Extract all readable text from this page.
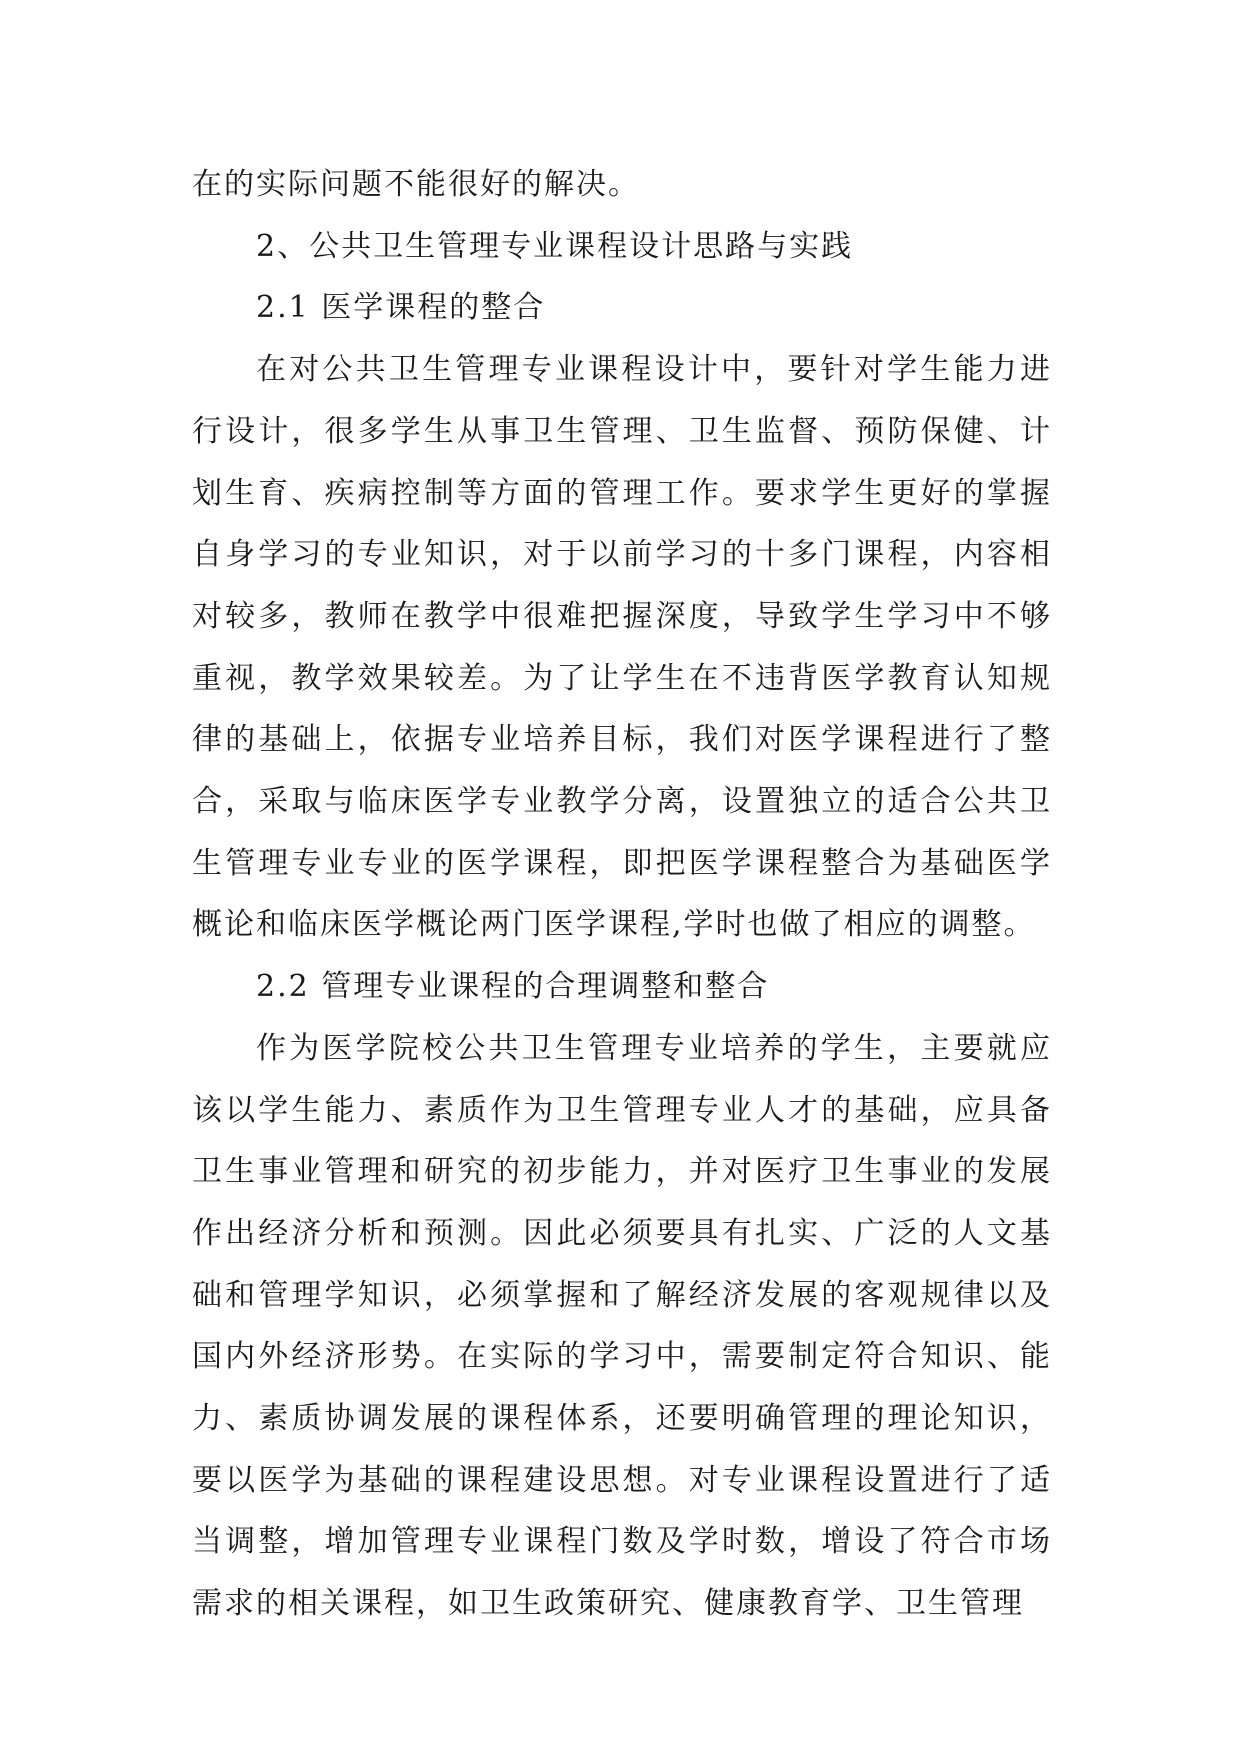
在的实际问题不能很好的解决。

2、公共卫生管理专业课程设计思路与实践

2.1 医学课程的整合

在对公共卫生管理专业课程设计中，要针对学生能力进行设计，很多学生从事卫生管理、卫生监督、预防保健、计划生育、疾病控制等方面的管理工作。要求学生更好的掌握自身学习的专业知识，对于以前学习的十多门课程，内容相对较多，教师在教学中很难把握深度，导致学生学习中不够重视，教学效果较差。为了让学生在不违背医学教育认知规律的基础上，依据专业培养目标，我们对医学课程进行了整合，采取与临床医学专业教学分离，设置独立的适合公共卫生管理专业专业的医学课程，即把医学课程整合为基础医学概论和临床医学概论两门医学课程,学时也做了相应的调整。

2.2 管理专业课程的合理调整和整合

作为医学院校公共卫生管理专业培养的学生，主要就应该以学生能力、素质作为卫生管理专业人才的基础，应具备卫生事业管理和研究的初步能力，并对医疗卫生事业的发展作出经济分析和预测。因此必须要具有扎实、广泛的人文基础和管理学知识，必须掌握和了解经济发展的客观规律以及国内外经济形势。在实际的学习中，需要制定符合知识、能力、素质协调发展的课程体系，还要明确管理的理论知识，要以医学为基础的课程建设思想。对专业课程设置进行了适当调整，增加管理专业课程门数及学时数，增设了符合市场需求的相关课程，如卫生政策研究、健康教育学、卫生管理
